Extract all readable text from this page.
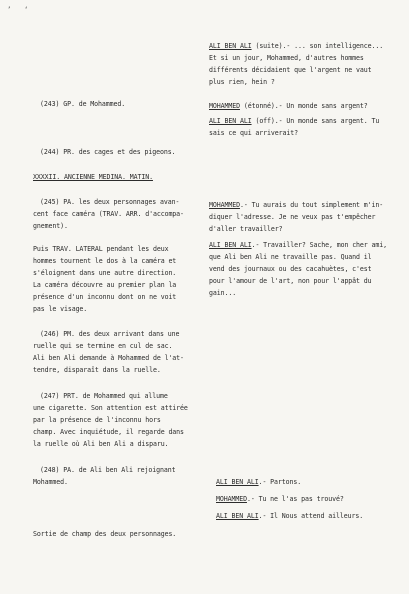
’ ‘
ALI BEN ALI (suite).- ... son intelligence...
Et si un jour, Mohammed, d'autres hommes
différents décidaient que l'argent ne vaut
plus rien, hein ?
MOHAMMED (étonné).- Un monde sans argent?
ALI BEN ALI (off).- Un monde sans argent. Tu
sais ce qui arriverait?
MOHAMMED.- Tu aurais du tout simplement m'in-
diquer l'adresse. Je ne veux pas t'empêcher
d'aller travailler?
ALI BEN ALI.- Travailler? Sache, mon cher ami,
que Ali ben Ali ne travaille pas. Quand il
vend des journaux ou des cacahuètes, c'est
pour l'amour de l'art, non pour l'appât du
gain...
ALI BEN ALI.- Partons.
MOHAMMED.- Tu ne l'as pas trouvé?
ALI BEN ALI.- Il Nous attend ailleurs.
(243) GP. de Mohammed.
(244) PR. des cages et des pigeons.
XXXXII. ANCIENNE MEDINA. MATIN.
(245) PA. les deux personnages avan-
cent face caméra (TRAV. ARR. d'accompa-
gnement).
Puis TRAV. LATERAL pendant les deux
hommes tournent le dos à la caméra et
s'éloignent dans une autre direction.
La caméra découvre au premier plan la
présence d'un inconnu dont on ne voit
pas le visage.
(246) PM. des deux arrivant dans une
ruelle qui se termine en cul de sac.
Ali ben Ali demande à Mohammed de l'at-
tendre, disparaît dans la ruelle.
(247) PRT. de Mohammed qui allume
une cigarette. Son attention est attirée
par la présence de l'inconnu hors
champ. Avec inquiétude, il regarde dans
la ruelle où Ali ben Ali a disparu.
(248) PA. de Ali ben Ali rejoignant
Mohammed.
Sortie de champ des deux personnages.
